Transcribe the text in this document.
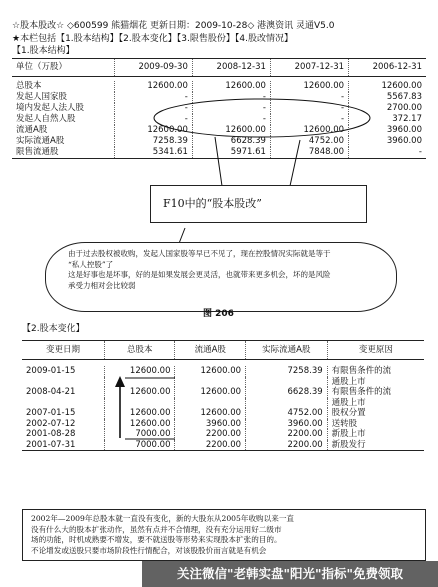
☆股本股改☆ ◇600599 熊猫烟花 更新日期：2009-10-28◇ 港澳资讯 灵通V5.0
★本栏包括【1.股本结构】【2.股本变化】【3.限售股份】【4.股改情况】
【1.股本结构】
单位（万股）	2009-09-30	2008-12-31	2007-12-31	2006-12-31

总股本	12600.00	12600.00	12600.00	12600.00
发起人国家股	-	-	-	5567.83
境内发起人法人股	-	-	-	2700.00
发起人自然人股	-	-	-	372.17
流通A股	12600.00	12600.00	12600.00	3960.00
实际流通A股	7258.39	6628.39	4752.00	3960.00
限售流通股	5341.61	5971.61	7848.00	-
F10中的“股本股改”
由于过去股权被收购，发起人国家股等早已不见了，现在控股情况实际就是等于
“私人控股”了
这是好事也是坏事，好的是如果发展会更灵活，也就带来更多机会，坏的是风险
承受力相对会比较弱
图 206
【2.股本变化】
变更日期	总股本	流通A股	实际流通A股	变更原因

2009-01-15	12600.00	12600.00	7258.39	有限售条件的流
				通股上市
2008-04-21	12600.00	12600.00	6628.39	有限售条件的流
				通股上市
2007-01-15	12600.00	12600.00	4752.00	股权分置
2002-07-12	12600.00	3960.00	3960.00	送转股
2001-08-28	7000.00	2200.00	2200.00	新股上市
2001-07-31	7000.00	2200.00	2200.00	新股发行
2002年—2009年总股本就一直没有变化，新的大股东从2005年收购以来一直
没有什么大的股本扩张动作，虽然有点并不合情理，没有充分运用好二级市
场的功能，时机成熟要不增发，要不就送股等形势来实现股本扩张的目的。
不论增发或送股只要市场阶段性行情配合，对该股股价而言就是有机会
关注微信"老韩实盘"阳光"指标"免费领取
